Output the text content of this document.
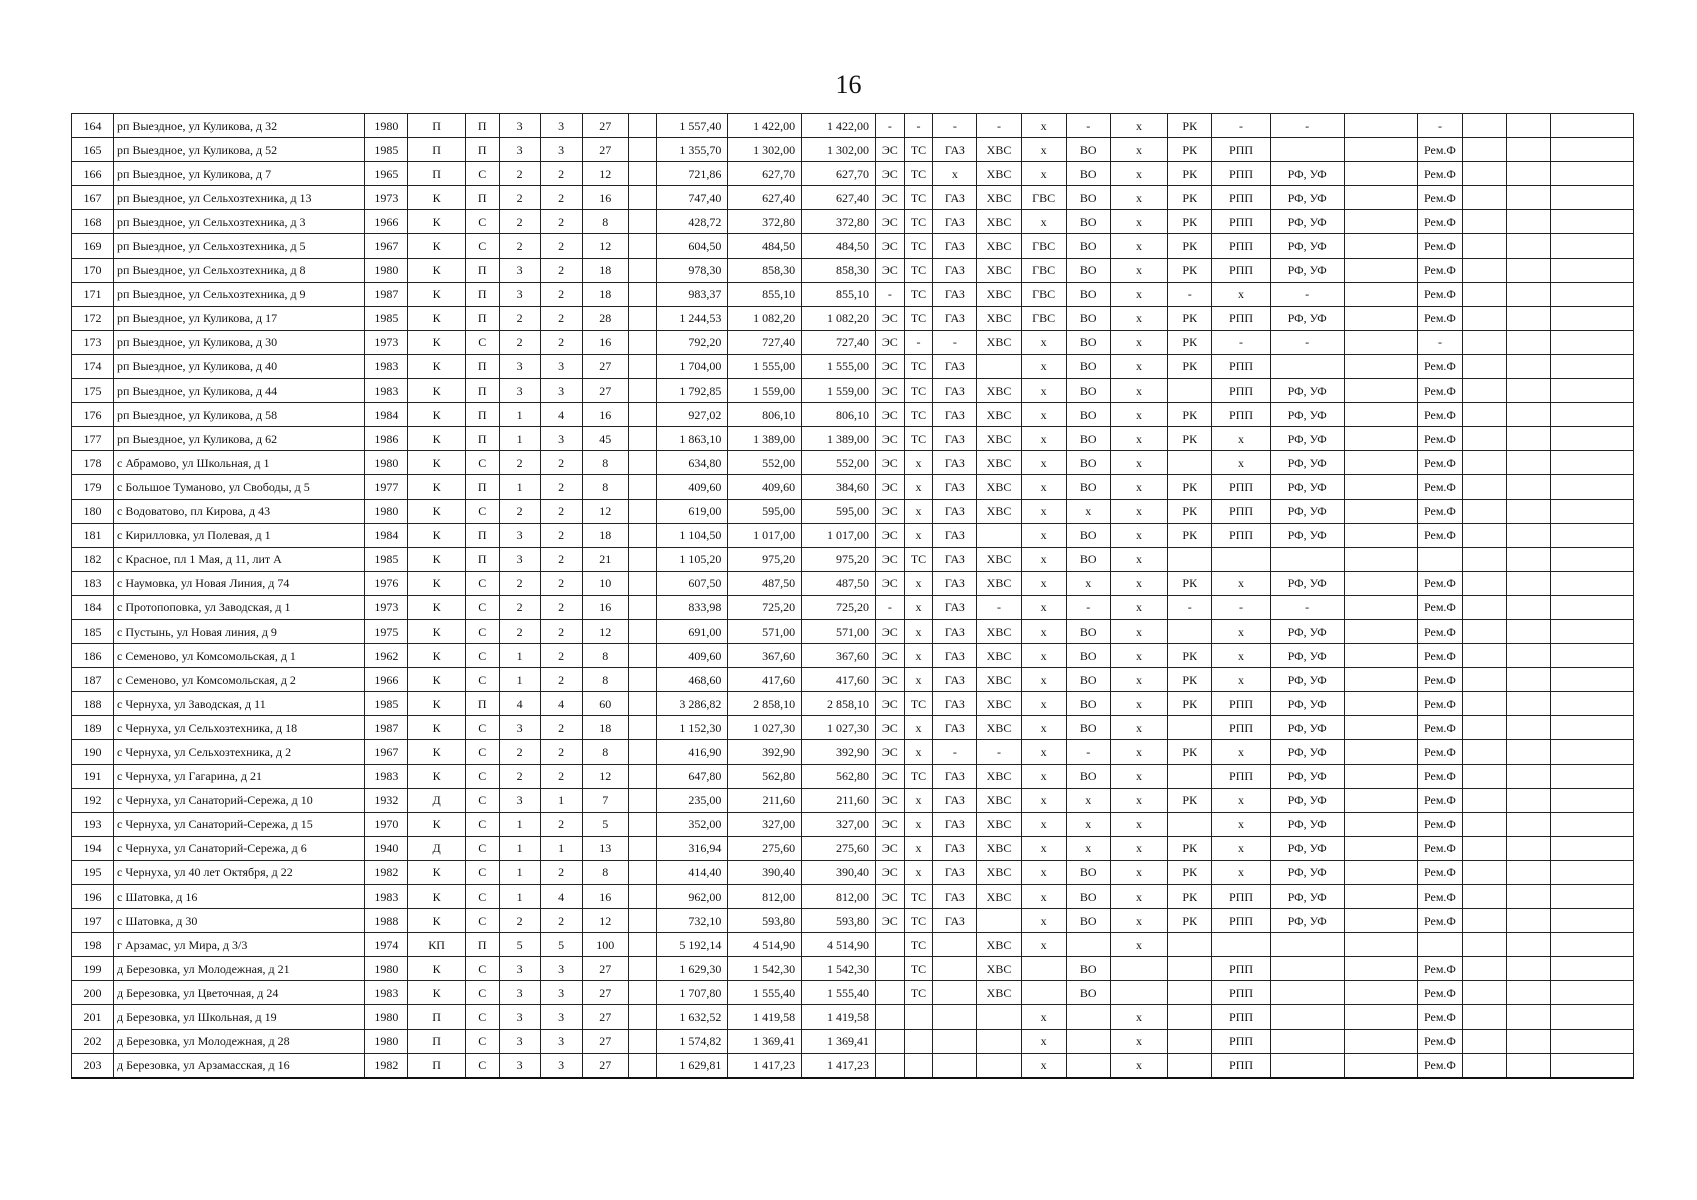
16
164	рп Выездное, ул Куликова, д 32	1980	П	П	3	3	27		1 557,40	1 422,00	1 422,00	-	-	-	-	х	-	х	РК	-	-		-			
165	рп Выездное, ул Куликова, д 52	1985	П	П	3	3	27		1 355,70	1 302,00	1 302,00	ЭС	ТС	ГАЗ	ХВС	х	ВО	х	РК	РПП			Рем.Ф			
166	рп Выездное, ул Куликова, д 7	1965	П	С	2	2	12		721,86	627,70	627,70	ЭС	ТС	х	ХВС	х	ВО	х	РК	РПП	РФ, УФ		Рем.Ф			
167	рп Выездное, ул Сельхозтехника, д 13	1973	К	П	2	2	16		747,40	627,40	627,40	ЭС	ТС	ГАЗ	ХВС	ГВС	ВО	х	РК	РПП	РФ, УФ		Рем.Ф			
168	рп Выездное, ул Сельхозтехника, д 3	1966	К	С	2	2	8		428,72	372,80	372,80	ЭС	ТС	ГАЗ	ХВС	х	ВО	х	РК	РПП	РФ, УФ		Рем.Ф			
169	рп Выездное, ул Сельхозтехника, д 5	1967	К	С	2	2	12		604,50	484,50	484,50	ЭС	ТС	ГАЗ	ХВС	ГВС	ВО	х	РК	РПП	РФ, УФ		Рем.Ф			
170	рп Выездное, ул Сельхозтехника, д 8	1980	К	П	3	2	18		978,30	858,30	858,30	ЭС	ТС	ГАЗ	ХВС	ГВС	ВО	х	РК	РПП	РФ, УФ		Рем.Ф			
171	рп Выездное, ул Сельхозтехника, д 9	1987	К	П	3	2	18		983,37	855,10	855,10	-	ТС	ГАЗ	ХВС	ГВС	ВО	х	-	х	-		Рем.Ф			
172	рп Выездное, ул Куликова, д 17	1985	К	П	2	2	28		1 244,53	1 082,20	1 082,20	ЭС	ТС	ГАЗ	ХВС	ГВС	ВО	х	РК	РПП	РФ, УФ		Рем.Ф			
173	рп Выездное, ул Куликова, д 30	1973	К	С	2	2	16		792,20	727,40	727,40	ЭС	-	-	ХВС	х	ВО	х	РК	-	-		-			
174	рп Выездное, ул Куликова, д 40	1983	К	П	3	3	27		1 704,00	1 555,00	1 555,00	ЭС	ТС	ГАЗ		х	ВО	х	РК	РПП			Рем.Ф			
175	рп Выездное, ул Куликова, д 44	1983	К	П	3	3	27		1 792,85	1 559,00	1 559,00	ЭС	ТС	ГАЗ	ХВС	х	ВО	х		РПП	РФ, УФ		Рем.Ф			
176	рп Выездное, ул Куликова, д 58	1984	К	П	1	4	16		927,02	806,10	806,10	ЭС	ТС	ГАЗ	ХВС	х	ВО	х	РК	РПП	РФ, УФ		Рем.Ф			
177	рп Выездное, ул Куликова, д 62	1986	К	П	1	3	45		1 863,10	1 389,00	1 389,00	ЭС	ТС	ГАЗ	ХВС	х	ВО	х	РК	х	РФ, УФ		Рем.Ф			
178	с Абрамово, ул Школьная, д 1	1980	К	С	2	2	8		634,80	552,00	552,00	ЭС	х	ГАЗ	ХВС	х	ВО	х		х	РФ, УФ		Рем.Ф			
179	с Большое Туманово, ул Свободы, д 5	1977	К	П	1	2	8		409,60	409,60	384,60	ЭС	х	ГАЗ	ХВС	х	ВО	х	РК	РПП	РФ, УФ		Рем.Ф			
180	с Водоватово, пл Кирова, д 43	1980	К	С	2	2	12		619,00	595,00	595,00	ЭС	х	ГАЗ	ХВС	х	х	х	РК	РПП	РФ, УФ		Рем.Ф			
181	с Кирилловка, ул Полевая, д 1	1984	К	П	3	2	18		1 104,50	1 017,00	1 017,00	ЭС	х	ГАЗ		х	ВО	х	РК	РПП	РФ, УФ		Рем.Ф			
182	с Красное, пл 1 Мая, д 11, лит А	1985	К	П	3	2	21		1 105,20	975,20	975,20	ЭС	ТС	ГАЗ	ХВС	х	ВО	х								
183	с Наумовка, ул Новая Линия, д 74	1976	К	С	2	2	10		607,50	487,50	487,50	ЭС	х	ГАЗ	ХВС	х	х	х	РК	х	РФ, УФ		Рем.Ф			
184	с Протопоповка, ул Заводская, д 1	1973	К	С	2	2	16		833,98	725,20	725,20	-	х	ГАЗ	-	х	-	х	-	-	-		Рем.Ф			
185	с Пустынь, ул Новая линия, д 9	1975	К	С	2	2	12		691,00	571,00	571,00	ЭС	х	ГАЗ	ХВС	х	ВО	х		х	РФ, УФ		Рем.Ф			
186	с Семеново, ул Комсомольская, д 1	1962	К	С	1	2	8		409,60	367,60	367,60	ЭС	х	ГАЗ	ХВС	х	ВО	х	РК	х	РФ, УФ		Рем.Ф			
187	с Семеново, ул Комсомольская, д 2	1966	К	С	1	2	8		468,60	417,60	417,60	ЭС	х	ГАЗ	ХВС	х	ВО	х	РК	х	РФ, УФ		Рем.Ф			
188	с Чернуха, ул Заводская, д 11	1985	К	П	4	4	60		3 286,82	2 858,10	2 858,10	ЭС	ТС	ГАЗ	ХВС	х	ВО	х	РК	РПП	РФ, УФ		Рем.Ф			
189	с Чернуха, ул Сельхозтехника, д 18	1987	К	С	3	2	18		1 152,30	1 027,30	1 027,30	ЭС	х	ГАЗ	ХВС	х	ВО	х		РПП	РФ, УФ		Рем.Ф			
190	с Чернуха, ул Сельхозтехника, д 2	1967	К	С	2	2	8		416,90	392,90	392,90	ЭС	х	-	-	х	-	х	РК	х	РФ, УФ		Рем.Ф			
191	с Чернуха, ул Гагарина, д 21	1983	К	С	2	2	12		647,80	562,80	562,80	ЭС	ТС	ГАЗ	ХВС	х	ВО	х		РПП	РФ, УФ		Рем.Ф			
192	с Чернуха, ул Санаторий-Сережа, д 10	1932	Д	С	3	1	7		235,00	211,60	211,60	ЭС	х	ГАЗ	ХВС	х	х	х	РК	х	РФ, УФ		Рем.Ф			
193	с Чернуха, ул Санаторий-Сережа, д 15	1970	К	С	1	2	5		352,00	327,00	327,00	ЭС	х	ГАЗ	ХВС	х	х	х		х	РФ, УФ		Рем.Ф			
194	с Чернуха, ул Санаторий-Сережа, д 6	1940	Д	С	1	1	13		316,94	275,60	275,60	ЭС	х	ГАЗ	ХВС	х	х	х	РК	х	РФ, УФ		Рем.Ф			
195	с Чернуха, ул 40 лет Октября, д 22	1982	К	С	1	2	8		414,40	390,40	390,40	ЭС	х	ГАЗ	ХВС	х	ВО	х	РК	х	РФ, УФ		Рем.Ф			
196	с Шатовка, д 16	1983	К	С	1	4	16		962,00	812,00	812,00	ЭС	ТС	ГАЗ	ХВС	х	ВО	х	РК	РПП	РФ, УФ		Рем.Ф			
197	с Шатовка, д 30	1988	К	С	2	2	12		732,10	593,80	593,80	ЭС	ТС	ГАЗ		х	ВО	х	РК	РПП	РФ, УФ		Рем.Ф			
198	г Арзамас, ул Мира, д 3/3	1974	КП	П	5	5	100		5 192,14	4 514,90	4 514,90		ТС		ХВС	х		х								
199	д Березовка, ул Молодежная, д 21	1980	К	С	3	3	27		1 629,30	1 542,30	1 542,30		ТС		ХВС		ВО			РПП			Рем.Ф			
200	д Березовка, ул Цветочная, д 24	1983	К	С	3	3	27		1 707,80	1 555,40	1 555,40		ТС		ХВС		ВО			РПП			Рем.Ф			
201	д Березовка, ул Школьная, д 19	1980	П	С	3	3	27		1 632,52	1 419,58	1 419,58					х		х		РПП			Рем.Ф			
202	д Березовка, ул Молодежная, д 28	1980	П	С	3	3	27		1 574,82	1 369,41	1 369,41					х		х		РПП			Рем.Ф			
203	д Березовка, ул Арзамасская, д 16	1982	П	С	3	3	27		1 629,81	1 417,23	1 417,23					х		х		РПП			Рем.Ф			
